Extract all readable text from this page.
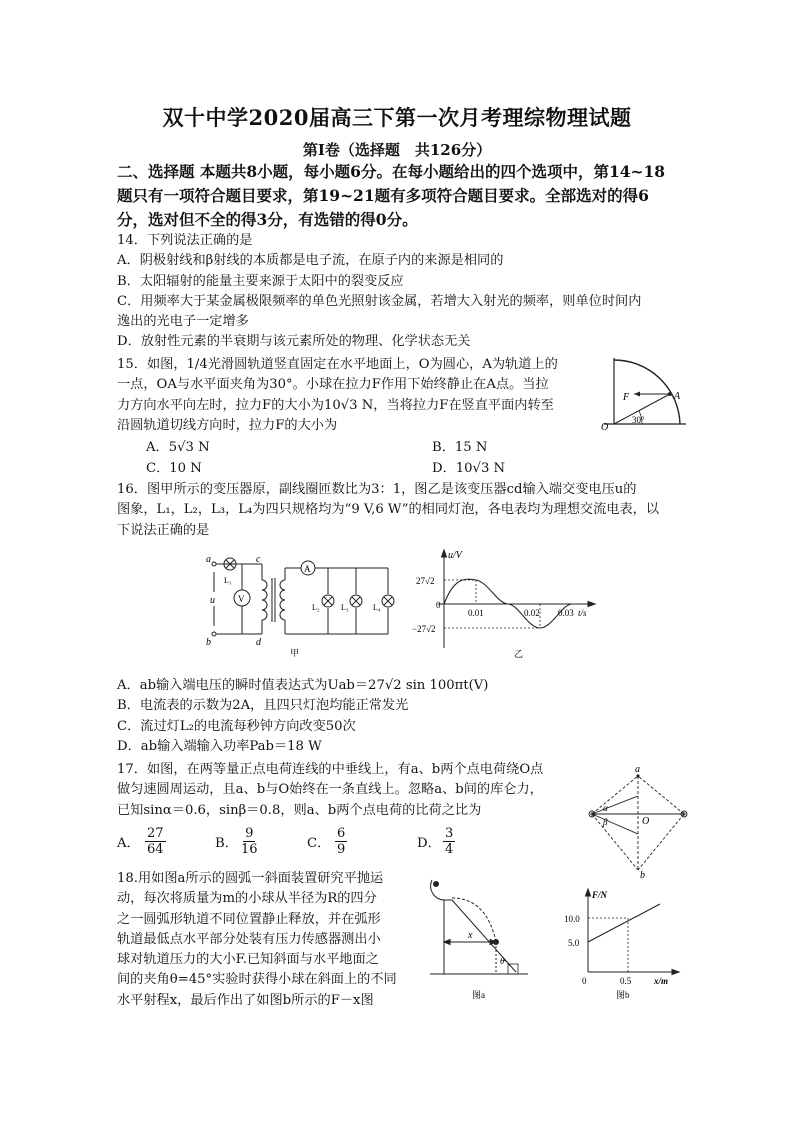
双十中学2020届高三下第一次月考理综物理试题
第Ⅰ卷（选择题　共126分）
二、选择题 本题共8小题，每小题6分。在每小题给出的四个选项中，第14~18
题只有一项符合题目要求，第19~21题有多项符合题目要求。全部选对的得6
分，选对但不全的得3分，有选错的得0分。

14．下列说法正确的是

A．阴极射线和β射线的本质都是电子流，在原子内的来源是相同的

B．太阳辐射的能量主要来源于太阳中的裂变反应

C．用频率大于某金属极限频率的单色光照射该金属，若增大入射光的频率，则单位时间内

逸出的光电子一定增多

D．放射性元素的半衰期与该元素所处的物理、化学状态无关

15．如图，1/4光滑圆轨道竖直固定在水平地面上，O为圆心，A为轨道上的

一点，OA与水平面夹角为30°。小球在拉力F作用下始终静止在A点。当拉

力方向水平向左时，拉力F的大小为10√3 N，当将拉力F在竖直平面内转至

沿圆轨道切线方向时，拉力F的大小为

A．5√3 N	B．15 N
C．10 N	D．10√3 N
F	A
O
30°

16．图甲所示的变压器原，副线圈匝数比为3：1，图乙是该变压器cd输入端交变电压u的

图象，L₁，L₂，L₃，L₄为四只规格均为“9 V,6 W”的相同灯泡，各电表均为理想交流电表，以

下说法正确的是

a
b
c
d
u
L₁
V
A
L₂	L₃	L₄
甲
u/V
27√2
−27√2
0
0.01	0.02 0.03 t/s
乙

A．ab输入端电压的瞬时值表达式为Uab＝27√2 sin 100πt(V)

B．电流表的示数为2A，且四只灯泡均能正常发光

C．流过灯L₂的电流每秒钟方向改变50次

D．ab输入端输入功率Pab＝18 W

17．如图，在两等量正点电荷连线的中垂线上，有a、b两个点电荷绕O点

做匀速圆周运动，且a、b与O始终在一条直线上。忽略a、b间的库仑力，

已知sinα＝0.6，sinβ＝0.8，则a、b两个点电荷的比荷之比为

A． $\frac{27}{64}$	B． $\frac{9}{16}$	C． $\frac{6}{9}$	D． $\frac{3}{4}$
a
b
O
α
β

18.用如图a所示的圆弧一斜面装置研究平抛运

动，每次将质量为m的小球从半径为R的四分

之一圆弧形轨道不同位置静止释放，并在弧形

轨道最低点水平部分处装有压力传感器测出小

球对轨道压力的大小F.已知斜面与水平地面之

间的夹角θ=45°实验时获得小球在斜面上的不同

水平射程x，最后作出了如图b所示的F－x图

x
θ
图a
F/N
10.0
5.0
0	0.5	x/m
图b
